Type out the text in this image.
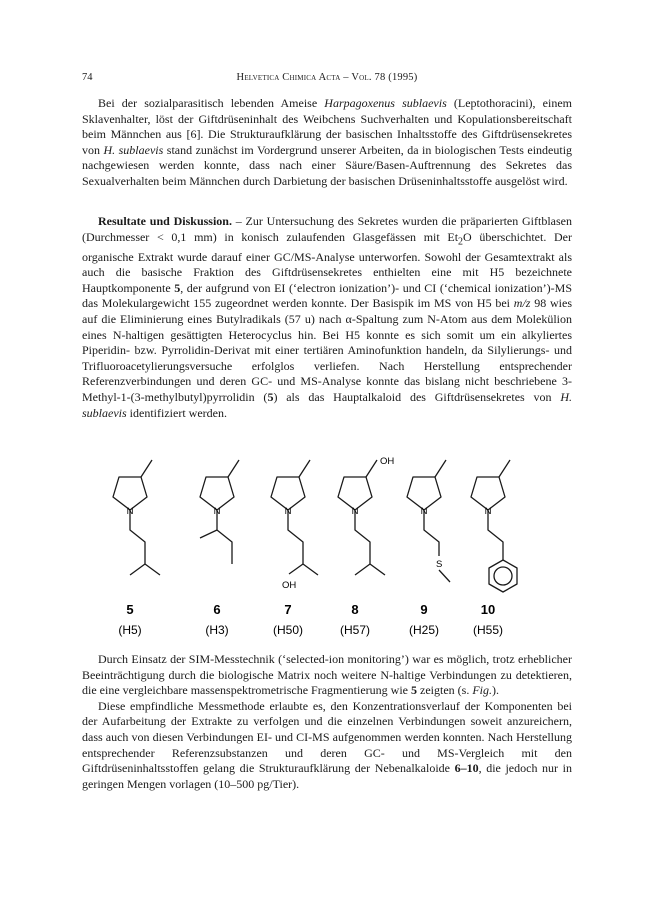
74	Helvetica Chimica Acta – Vol. 78 (1995)

Bei der sozialparasitisch lebenden Ameise Harpagoxenus sublaevis (Leptothoracini), einem Sklavenhalter, löst der Giftdrüseninhalt des Weibchens Suchverhalten und Kopulationsbereitschaft beim Männchen aus [6]. Die Strukturaufklärung der basischen Inhaltsstoffe des Giftdrüsensekretes von H. sublaevis stand zunächst im Vordergrund unserer Arbeiten, da in biologischen Tests eindeutig nachgewiesen werden konnte, dass nach einer Säure/Basen-Auftrennung des Sekretes das Sexualverhalten beim Männchen durch Darbietung der basischen Drüseninhaltsstoffe ausgelöst wird.

Resultate und Diskussion. – Zur Untersuchung des Sekretes wurden die präparierten Giftblasen (Durchmesser < 0,1 mm) in konisch zulaufenden Glasgefässen mit $Et_2O$ überschichtet. Der organische Extrakt wurde darauf einer GC/MS-Analyse unterworfen. Sowohl der Gesamtextrakt als auch die basische Fraktion des Giftdrüsensekretes enthielten eine mit H5 bezeichnete Hauptkomponente 5, der aufgrund von EI (‘electron ionization’)- und CI (‘chemical ionization’)-MS das Molekulargewicht 155 zugeordnet werden konnte. Der Basispik im MS von H5 bei m/z 98 wies auf die Eliminierung eines Butylradikals (57 u) nach α-Spaltung zum N-Atom aus dem Molekülion eines N-haltigen gesättigten Heterocyclus hin. Bei H5 konnte es sich somit um ein alkyliertes Piperidin- bzw. Pyrrolidin-Derivat mit einer tertiären Aminofunktion handeln, da Silylierungs- und Trifluoroacetylierungsversuche erfolglos verliefen. Nach Herstellung entsprechender Referenzverbindungen und deren GC- und MS-Analyse konnte das bislang nicht beschriebene 3-Methyl-1-(3-methylbutyl)pyrrolidin (5) als das Hauptalkaloid des Giftdrüsensekretes von H. sublaevis identifiziert werden.

N	N	N	N	N	N
OH
OH
S
5	6	7	8	9	10
(H5)	(H3)	(H50)	(H57)	(H25)	(H55)

Durch Einsatz der SIM-Messtechnik (‘selected-ion monitoring’) war es möglich, trotz erheblicher Beeinträchtigung durch die biologische Matrix noch weitere N-haltige Verbindungen zu detektieren, die eine vergleichbare massenspektrometrische Fragmentierung wie 5 zeigten (s. Fig.).

Diese empfindliche Messmethode erlaubte es, den Konzentrationsverlauf der Komponenten bei der Aufarbeitung der Extrakte zu verfolgen und die einzelnen Verbindungen soweit anzureichern, dass auch von diesen Verbindungen EI- und CI-MS aufgenommen werden konnten. Nach Herstellung entsprechender Referenzsubstanzen und deren GC- und MS-Vergleich mit den Giftdrüseninhaltsstoffen gelang die Strukturaufklärung der Nebenalkaloide 6–10, die jedoch nur in geringen Mengen vorlagen (10–500 pg/Tier).
